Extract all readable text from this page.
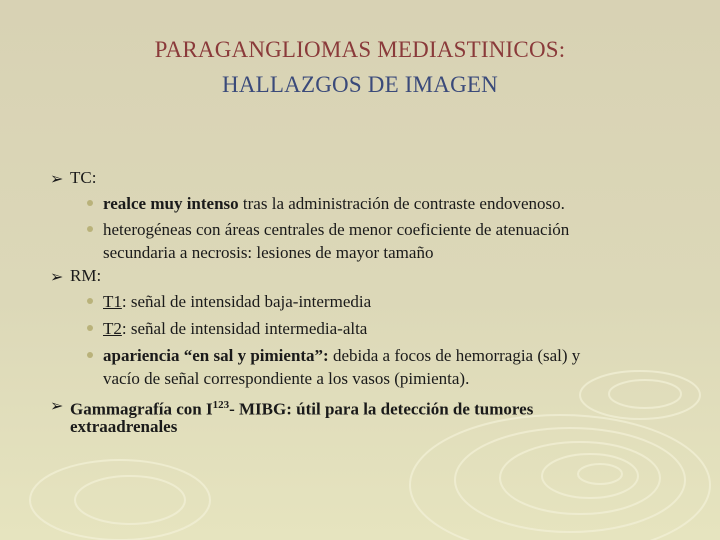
PARAGANGLIOMAS MEDIASTINICOS:
HALLAZGOS DE IMAGEN
➢ TC:
realce muy intenso tras la administración de contraste endovenoso.
heterogéneas con áreas centrales de menor coeficiente de atenuación
secundaria a necrosis: lesiones de mayor tamaño
➢ RM:
T1: señal de intensidad baja-intermedia
T2: señal de intensidad intermedia-alta
apariencia “en sal y pimienta”: debida a focos de hemorragia (sal) y
vacío de señal correspondiente a los vasos (pimienta).
➢ Gammagrafía con $I^{123}-$ MIBG: útil para la detección de tumores
extraadrenales
